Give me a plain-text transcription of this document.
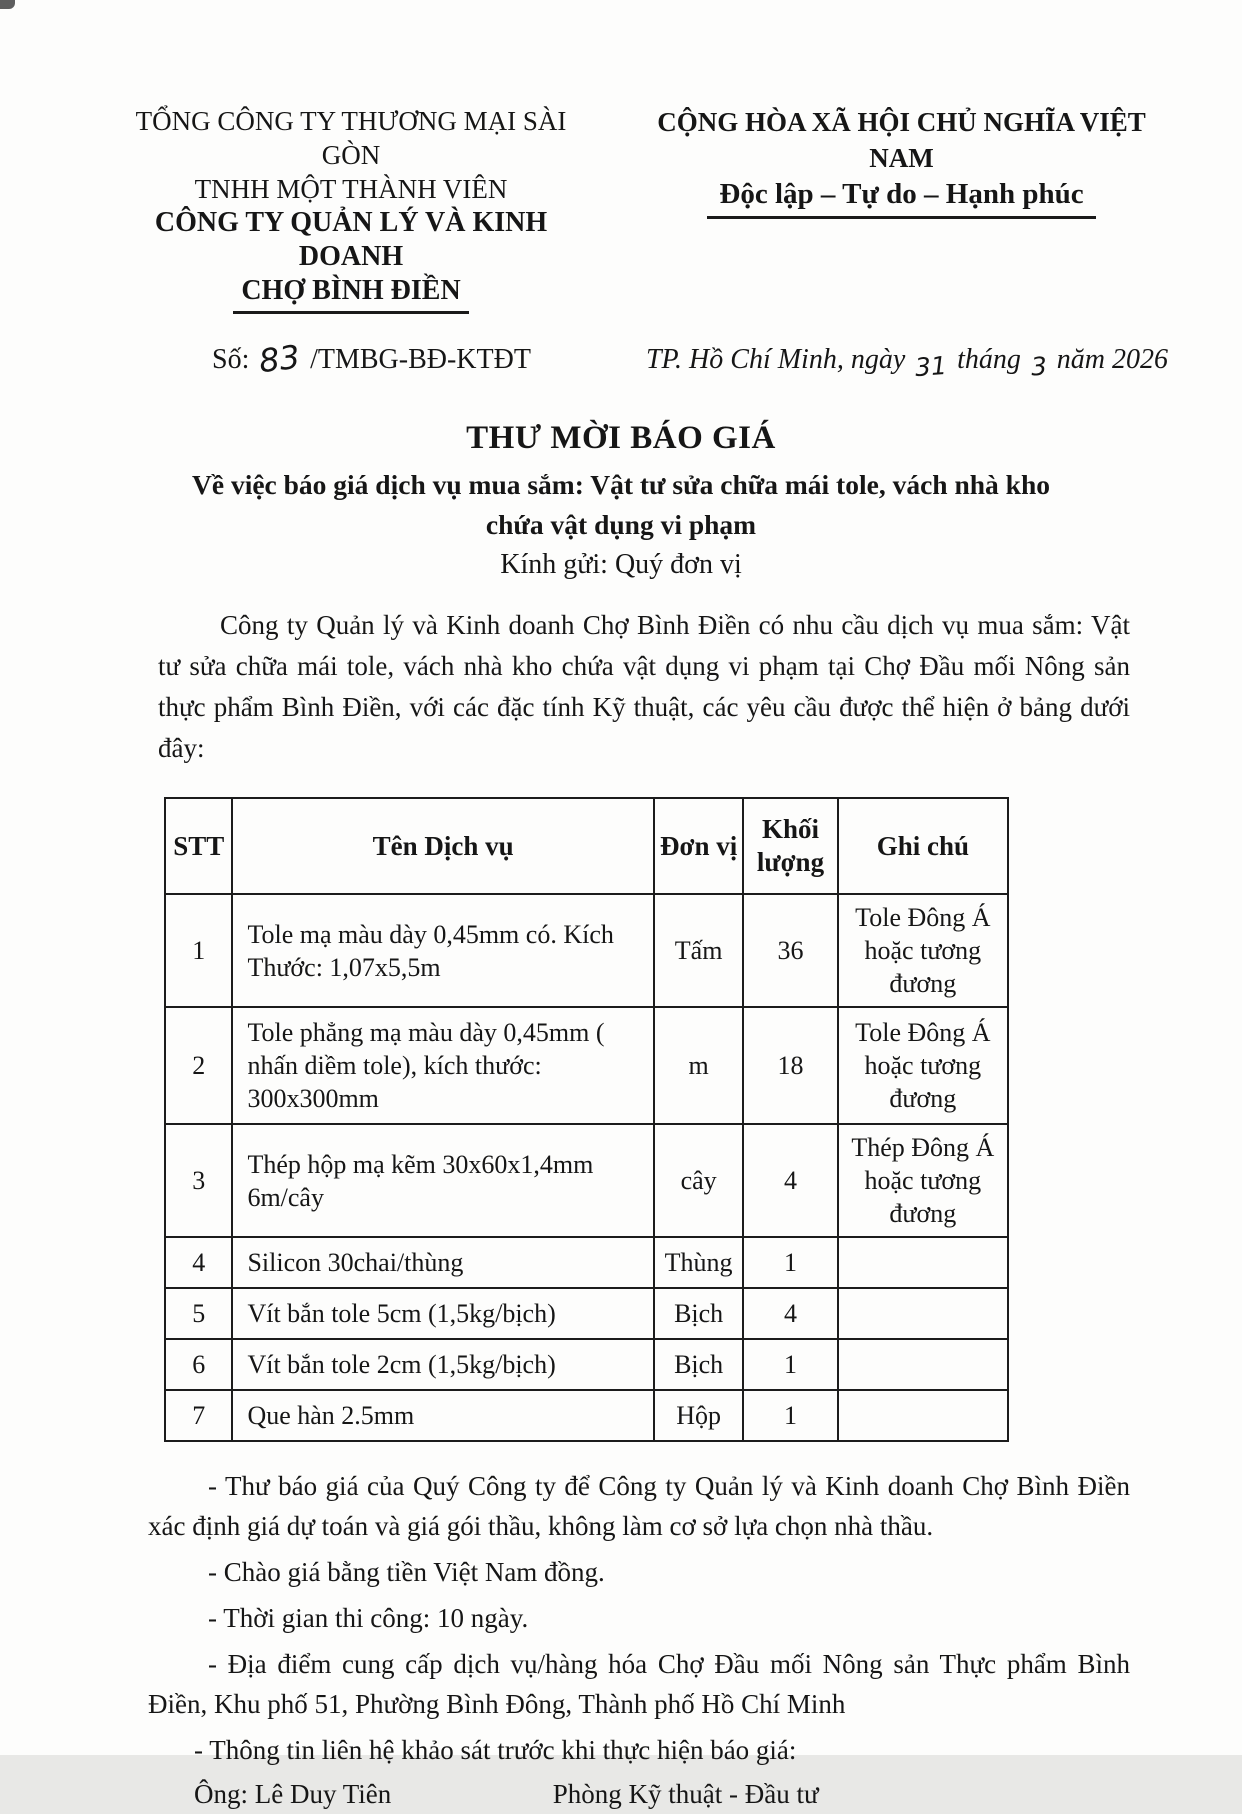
TỔNG CÔNG TY THƯƠNG MẠI SÀI GÒN
TNHH MỘT THÀNH VIÊN
CÔNG TY QUẢN LÝ VÀ KINH DOANH
CHỢ BÌNH ĐIỀN
CỘNG HÒA XÃ HỘI CHỦ NGHĨA VIỆT NAM
Độc lập – Tự do – Hạnh phúc
Số: 83 /TMBG-BĐ-KTĐT	TP. Hồ Chí Minh, ngày 31 tháng 3 năm 2026
THƯ MỜI BÁO GIÁ
Về việc báo giá dịch vụ mua sắm: Vật tư sửa chữa mái tole, vách nhà kho chứa vật dụng vi phạm
Kính gửi: Quý đơn vị

Công ty Quản lý và Kinh doanh Chợ Bình Điền có nhu cầu dịch vụ mua sắm: Vật tư sửa chữa mái tole, vách nhà kho chứa vật dụng vi phạm tại Chợ Đầu mối Nông sản thực phẩm Bình Điền, với các đặc tính Kỹ thuật, các yêu cầu được thể hiện ở bảng dưới đây:

STT	Tên Dịch vụ	Đơn vị	Khối lượng	Ghi chú
1	Tole mạ màu dày 0,45mm có. Kích Thước: 1,07x5,5m	Tấm	36	Tole Đông Á hoặc tương đương
2	Tole phẳng mạ màu dày 0,45mm ( nhấn diềm tole), kích thước: 300x300mm	m	18	Tole Đông Á hoặc tương đương
3	Thép hộp mạ kẽm 30x60x1,4mm 6m/cây	cây	4	Thép Đông Á hoặc tương đương
4	Silicon 30chai/thùng	Thùng	1	
5	Vít bắn tole 5cm (1,5kg/bịch)	Bịch	4	
6	Vít bắn tole 2cm (1,5kg/bịch)	Bịch	1	
7	Que hàn 2.5mm	Hộp	1	

- Thư báo giá của Quý Công ty để Công ty Quản lý và Kinh doanh Chợ Bình Điền xác định giá dự toán và giá gói thầu, không làm cơ sở lựa chọn nhà thầu.

- Chào giá bằng tiền Việt Nam đồng.

- Thời gian thi công: 10 ngày.

- Địa điểm cung cấp dịch vụ/hàng hóa Chợ Đầu mối Nông sản Thực phẩm Bình Điền, Khu phố 51, Phường Bình Đông, Thành phố Hồ Chí Minh

- Thông tin liên hệ khảo sát trước khi thực hiện báo giá:

Ông: Lê Duy Tiên	Phòng Kỹ thuật - Đầu tư
